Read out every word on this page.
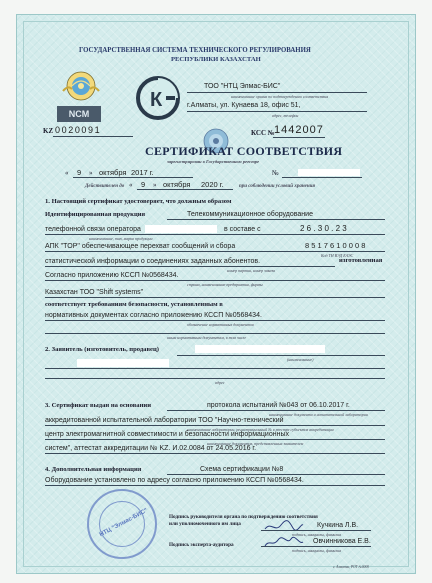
ГОСУДАРСТВЕННАЯ СИСТЕМА ТЕХНИЧЕСКОГО РЕГУЛИРОВАНИЯ
РЕСПУБЛИКИ КАЗАХСТАН
К
NCM
ТОО "НТЦ Элмас-БИС"
наименование органа по подтверждению соответствия
г.Алматы, ул. Кунаева 18, офис 51,
адрес, телефон
KZ 0020091	КСС № 1442007
СЕРТИФИКАТ СООТВЕТСТВИЯ
зарегистрирован в Государственном реестре
« 9 » октября 2017 г.	№
Действителен до « 9 » октября 2020 г.	при соблюдении условий хранения
1. Настоящий сертификат удостоверяет, что должным образом
Идентифицированная продукция	Телекоммуникационное оборудование
телефонной связи оператора	в составе с	2 6 . 3 0 . 2 3
наименование, тип, марка продукции
АПК "TOP" обеспечивающее перехват сообщений и сбора	8 5 1 7 6 1 0 0 0 8
Код ТН ВЭД ЕАЭС
статистической информации о соединениях заданных абонентов.	изготовленная
номер партии, номер заказа
Согласно приложению КССП №0568434.
страна, наименование предприятия, фирмы
Казахстан ТОО "Shift systems"
соответствует требованиям безопасности, установленным в
нормативных документах согласно приложению КССП №0568434.
обозначение нормативных документов
иным нормативным документам, в том числе
2. Заявитель (изготовитель, продавец)
(наименование)
адрес
3. Сертификат выдан на основании	протокола испытаний №043 от 06.10.2017 г.
наименование документа и испытательной лаборатории
аккредитованной испытательной лаборатории ТОО "Научно-технический
наименование лаборатории, регистрационный № в реестре субъектов аккредитации
центр электромагнитной совместимости и безопасности информационных
наименование документов, представленных заявителем
систем", аттестат аккредитации № KZ. И.02.0084 от 24.05.2016 г.
4. Дополнительная информация	Схема сертификации №8
Оборудование установлено по адресу согласно приложению КССП №0568434.
Подпись руководителя органа по подтверждению соответствия
или уполномоченного им лица	Кучкина Л.В.
подпись, инициалы, фамилия
Подпись эксперта-аудитора	Овчинникова Е.В.
подпись, инициалы, фамилия
НТЦ "Элмас-БИС"
г. Алматы, РОТ №0000
